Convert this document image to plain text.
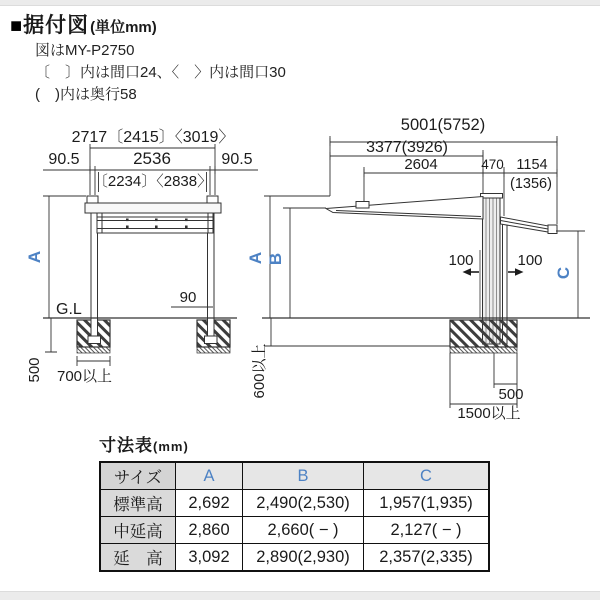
■ 据付図 (単位mm)
図はMY-P2750
〔　〕内は間口24、〈　〉内は間口30
(　)内は奥行58
2717〔2415〕〈3019〉
90.5	2536	90.5
〔2234〕〈2838〉
A
G.L
500 700以上
90
5001(5752)
3377(3926)
2604	470 1154
(1356)
A B
C
100	100
600以上	500
1500以上
寸法表(mm)
サイズ	A	B	C
標準高	2,692	2,490(2,530)	1,957(1,935)
中延高	2,860	2,660( − )	2,127( − )
延　高	3,092	2,890(2,930)	2,357(2,335)
